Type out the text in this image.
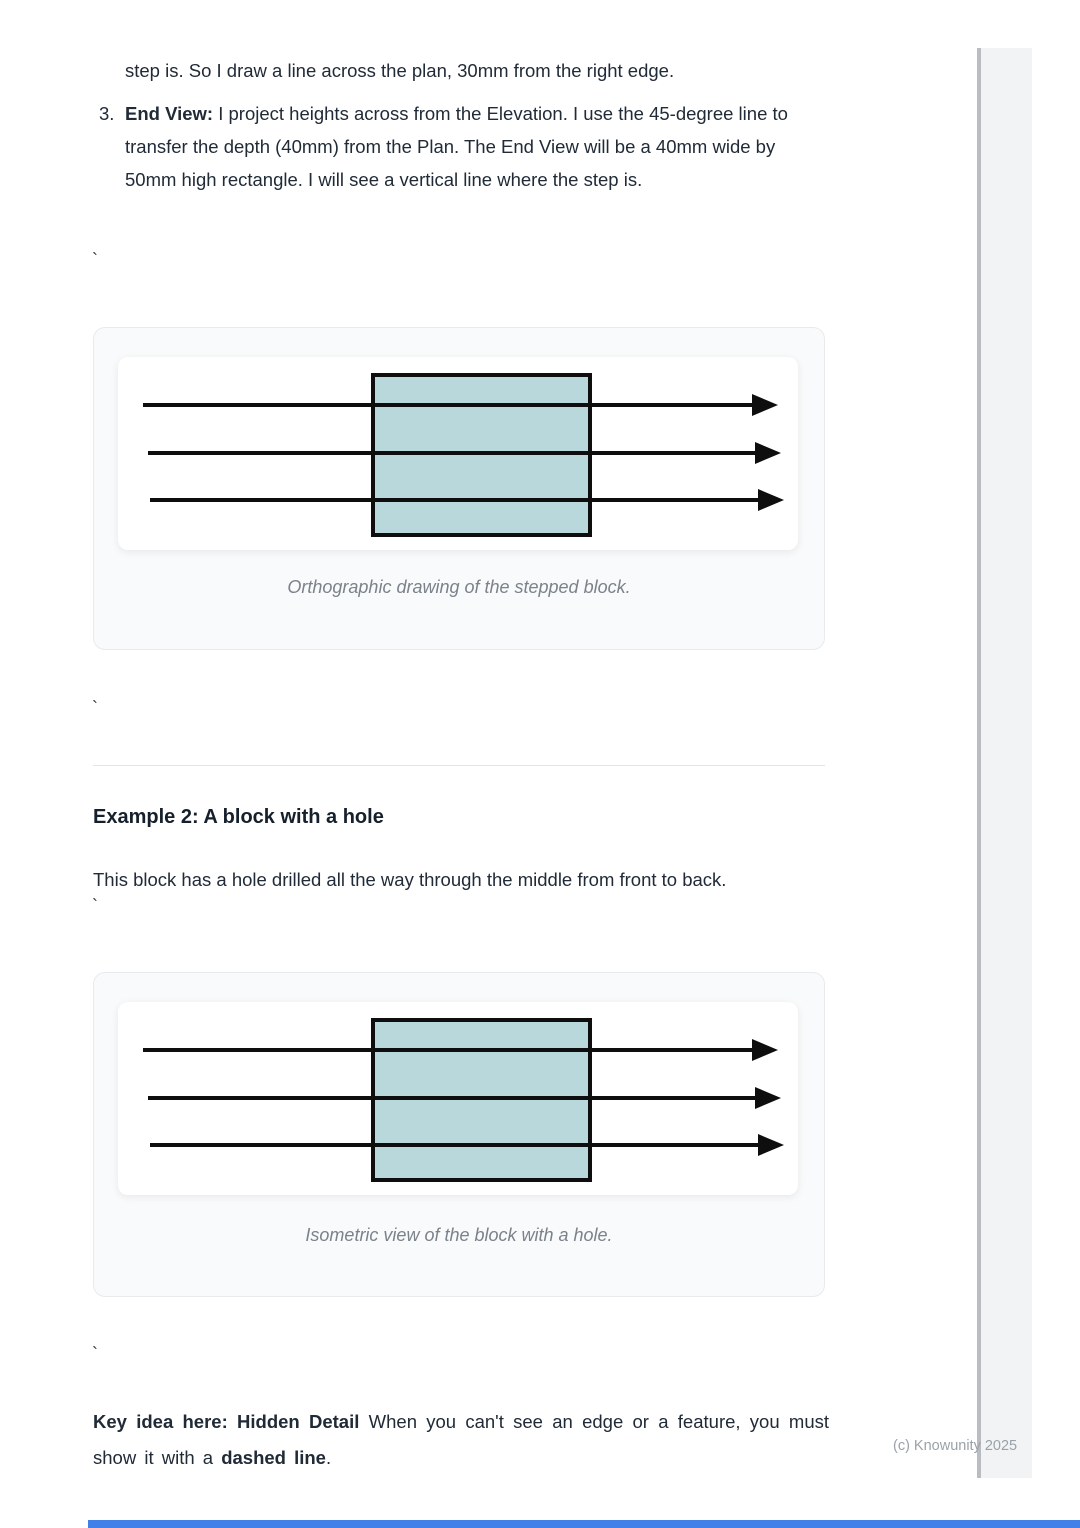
step is. So I draw a line across the plan, 30mm from the right edge.
3. End View: I project heights across from the Elevation. I use the 45-degree line to transfer the depth (40mm) from the Plan. The End View will be a 40mm wide by 50mm high rectangle. I will see a vertical line where the step is.
`
Orthographic drawing of the stepped block.
`
Example 2: A block with a hole
This block has a hole drilled all the way through the middle from front to back.
`
Isometric view of the block with a hole.
`
Key idea here: Hidden Detail When you can't see an edge or a feature, you must show it with a dashed line.
(c) Knowunity 2025
